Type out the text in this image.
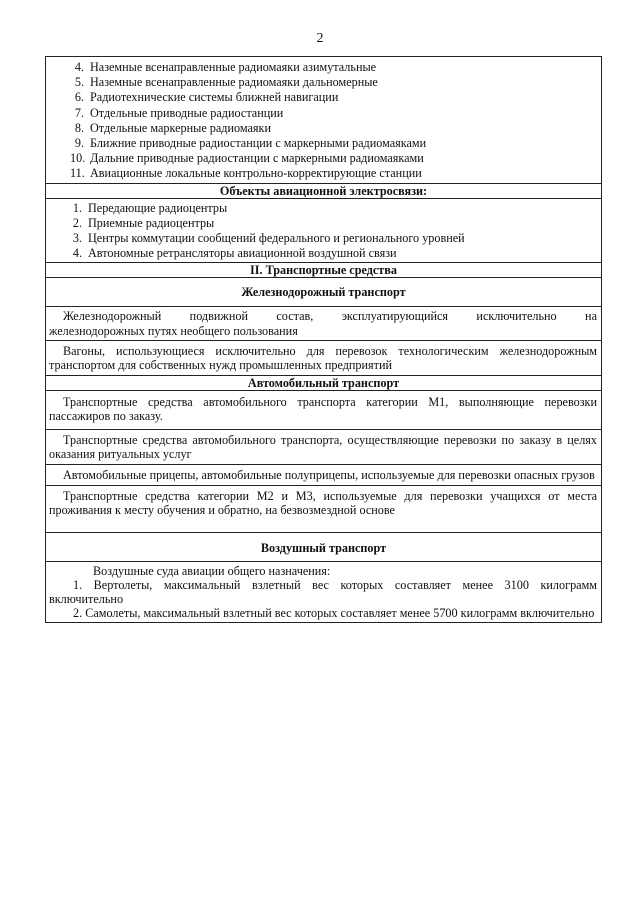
2
4. Наземные всенаправленные радиомаяки азимутальные
5. Наземные всенаправленные радиомаяки дальномерные
6. Радиотехнические системы ближней навигации
7. Отдельные приводные радиостанции
8. Отдельные маркерные радиомаяки
9. Ближние приводные радиостанции с маркерными радиомаяками
10. Дальние приводные радиостанции с маркерными радиомаяками
11. Авиационные локальные контрольно-корректирующие станции
Объекты авиационной электросвязи:
1. Передающие радиоцентры
2. Приемные радиоцентры
3. Центры коммутации сообщений федерального и регионального уровней
4. Автономные ретрансляторы авиационной воздушной связи
II. Транспортные средства
Железнодорожный транспорт
Железнодорожный подвижной состав, эксплуатирующийся исключительно на
железнодорожных путях необщего пользования
Вагоны, использующиеся исключительно для перевозок технологическим железнодорожным транспортом для собственных нужд промышленных предприятий
Автомобильный транспорт
Транспортные средства автомобильного транспорта категории М1, выполняющие перевозки пассажиров по заказу.
Транспортные средства автомобильного транспорта, осуществляющие перевозки по заказу в целях оказания ритуальных услуг
Автомобильные прицепы, автомобильные полуприцепы, используемые для перевозки опасных грузов
Транспортные средства категории М2 и М3, используемые для перевозки учащихся от места проживания к месту обучения и обратно, на безвозмездной основе
Воздушный транспорт
Воздушные суда авиации общего назначения:
1. Вертолеты, максимальный взлетный вес которых составляет менее 3100 килограмм включительно
2. Самолеты, максимальный взлетный вес которых составляет менее 5700 килограмм включительно
